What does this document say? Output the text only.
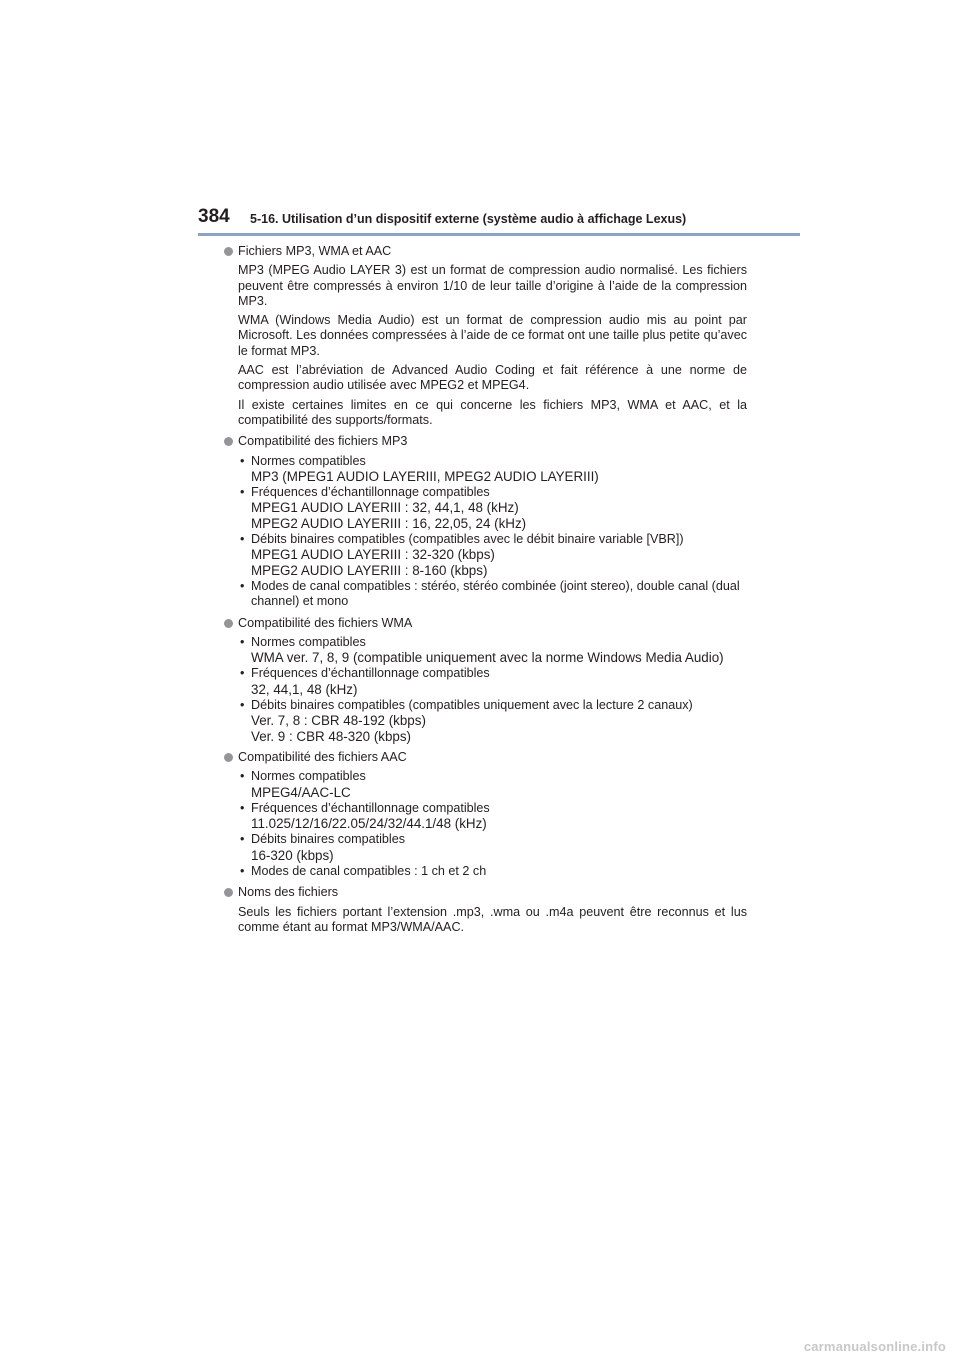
384 5-16. Utilisation d’un dispositif externe (système audio à affichage Lexus)
Fichiers MP3, WMA et AAC

MP3 (MPEG Audio LAYER 3) est un format de compression audio normalisé. Les fichiers peuvent être compressés à environ 1/10 de leur taille d’origine à l’aide de la compression MP3.

WMA (Windows Media Audio) est un format de compression audio mis au point par Microsoft. Les données compressées à l’aide de ce format ont une taille plus petite qu’avec le format MP3.

AAC est l’abréviation de Advanced Audio Coding et fait référence à une norme de compression audio utilisée avec MPEG2 et MPEG4.

Il existe certaines limites en ce qui concerne les fichiers MP3, WMA et AAC, et la compatibilité des supports/formats.

Compatibilité des fichiers MP3
• Normes compatibles
MP3 (MPEG1 AUDIO LAYERIII, MPEG2 AUDIO LAYERIII)
• Fréquences d’échantillonnage compatibles
MPEG1 AUDIO LAYERIII : 32, 44,1, 48 (kHz)
MPEG2 AUDIO LAYERIII : 16, 22,05, 24 (kHz)
• Débits binaires compatibles (compatibles avec le débit binaire variable [VBR])
MPEG1 AUDIO LAYERIII : 32-320 (kbps)
MPEG2 AUDIO LAYERIII : 8-160 (kbps)
• Modes de canal compatibles : stéréo, stéréo combinée (joint stereo), double canal (dual channel) et mono
Compatibilité des fichiers WMA
• Normes compatibles
WMA ver. 7, 8, 9 (compatible uniquement avec la norme Windows Media Audio)
• Fréquences d’échantillonnage compatibles
32, 44,1, 48 (kHz)
• Débits binaires compatibles (compatibles uniquement avec la lecture 2 canaux)
Ver. 7, 8 : CBR 48-192 (kbps)
Ver. 9 : CBR 48-320 (kbps)
Compatibilité des fichiers AAC
• Normes compatibles
MPEG4/AAC-LC
• Fréquences d’échantillonnage compatibles
11.025/12/16/22.05/24/32/44.1/48 (kHz)
• Débits binaires compatibles
16-320 (kbps)
• Modes de canal compatibles : 1 ch et 2 ch
Noms des fichiers

Seuls les fichiers portant l’extension .mp3, .wma ou .m4a peuvent être reconnus et lus comme étant au format MP3/WMA/AAC.

carmanualsonline.info
